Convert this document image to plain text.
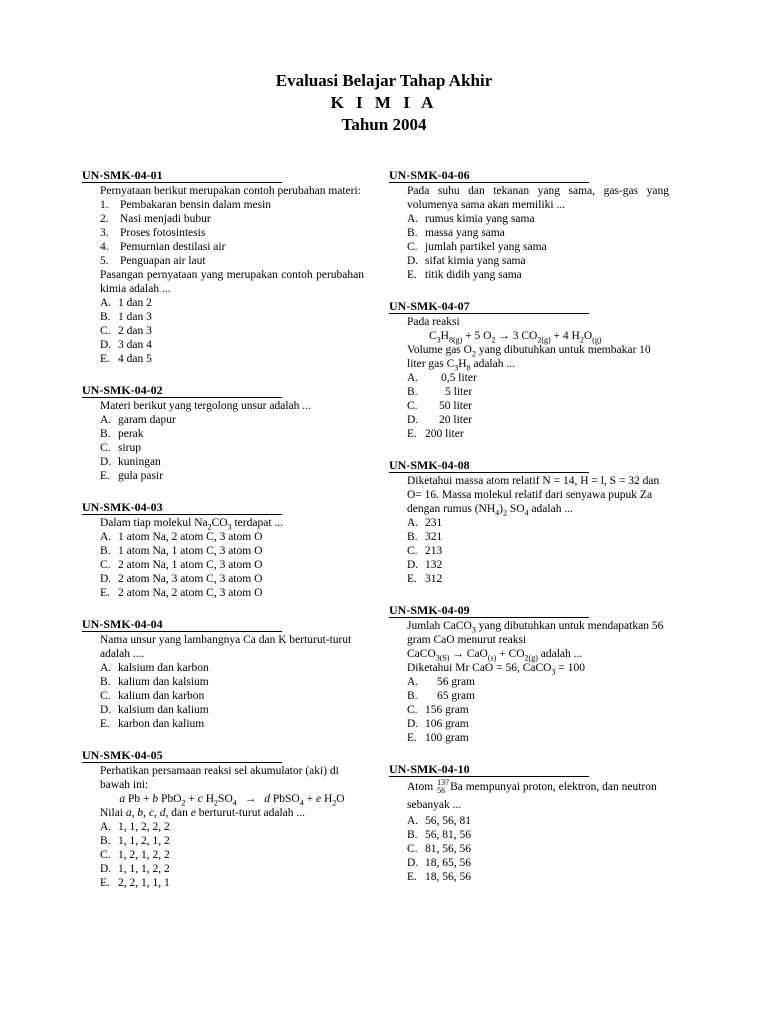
Evaluasi Belajar Tahap Akhir
K I M I A
Tahun 2004
UN-SMK-04-01
Pernyataan berikut merupakan contoh perubahan materi:
1. Pembakaran bensin dalam mesin
2. Nasi menjadi bubur
3. Proses fotosintesis
4. Pemurnian destilasi air
5. Penguapan air laut
Pasangan pernyataan yang merupakan contoh perubahan kimia adalah ...
A. 1 dan 2
B. 1 dan 3
C. 2 dan 3
D. 3 dan 4
E. 4 dan 5
UN-SMK-04-02
Materi berikut yang tergolong unsur adalah ...
A. garam dapur
B. perak
C. sirup
D. kuningan
E. gula pasir
UN-SMK-04-03
Dalam tiap molekul $Na_2CO_3$ terdapat ...
A. 1 atom Na, 2 atom C, 3 atom O
B. 1 atom Na, 1 atom C, 3 atom O
C. 2 atom Na, 1 atom C, 3 atom O
D. 2 atom Na, 3 atom C, 3 atom O
E. 2 atom Na, 2 atom C, 3 atom O
UN-SMK-04-04
Nama unsur yang lambangnya Ca dan K berturut-turut adalah ....
A. kalsium dan karbon
B. kalium dan kalsium
C. kalium dan karbon
D. kalsium dan kalium
E. karbon dan kalium
UN-SMK-04-05
Perhatikan persamaan reaksi sel akumulator (aki) di bawah ini:
a Pb + b PbO$_2$ + c $H_2SO_4 \to d$ PbSO$_4$ + e $H_2O$
Nilai a, b, c, d, dan e berturut-turut adalah ...
A. 1, 1, 2, 2, 2
B. 1, 1, 2, 1, 2
C. 1, 2, 1, 2, 2
D. 1, 1, 1, 2, 2
E. 2, 2, 1, 1, 1
UN-SMK-04-06
Pada suhu dan tekanan yang sama, gas-gas yang volumenya sama akan memiliki ...
A. rumus kimia yang sama
B. massa yang sama
C. jumlah partikel yang sama
D. sifat kimia yang sama
E. titik didih yang sama
UN-SMK-04-07
Pada reaksi
$C_3H_{8(g)} + 5$ $O_2 \to 3$ $CO_{2(g)} + 4$ $H_2O_{(g)}$
Volume gas $O_2$ yang dibutuhkan untuk membakar 10 liter gas $C_3H_8$ adalah ...
A.	0,5 liter
B.	5 liter
C.	50 liter
D.	20 liter
E. 200 liter
UN-SMK-04-08
Diketahui massa atom relatif N = 14, H = l, S = 32 dan O= 16. Massa molekul relatif dari senyawa pupuk Za dengan rumus $(NH_4)_2$ $SO_4$ adalah ...
A. 231
B. 321
C. 213
D. 132
E. 312
UN-SMK-04-09
Jumlah CaCO$_3$ yang dibutuhkan untuk mendapatkan 56 gram CaO menurut reaksi
CaCO$_{3(S)}$ → $CaO_{(s)} + CO_{2(g)}$ adalah ...
Diketahui Mr CaO = 56, CaCO$_3$ = 100
A.	56 gram
B.	65 gram
C. 156 gram
D. 106 gram
E. 100 gram
UN-SMK-04-10
Atom 137
56 Ba mempunyai proton, elektron, dan neutron sebanyak ...
A. 56, 56, 81
B. 56, 81, 56
C. 81, 56, 56
D. 18, 65, 56
E. 18, 56, 56
